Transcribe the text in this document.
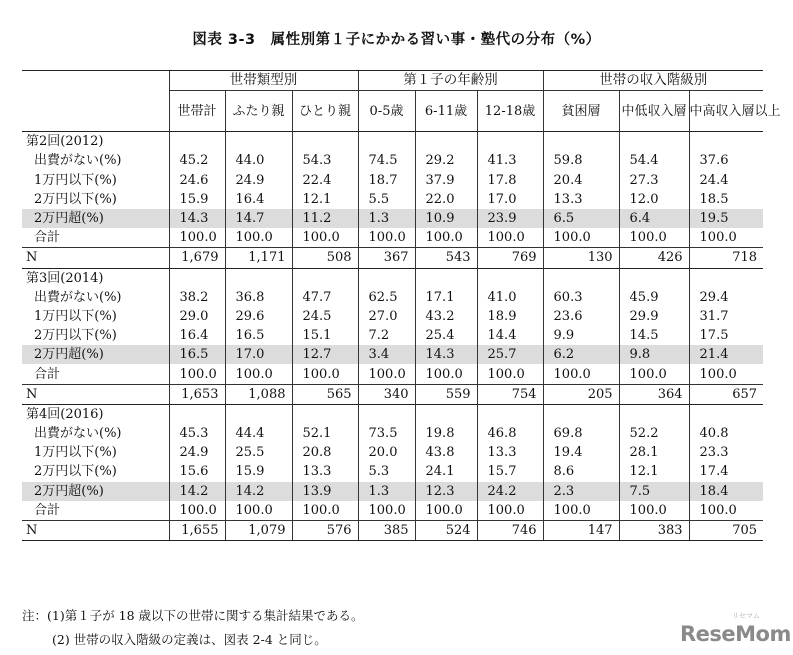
図表 3-3　属性別第１子にかかる習い事・塾代の分布（%）
	世帯類型別			第１子の年齢別			世帯の収入階級別		
	世帯計	ふたり親	ひとり親	0-5歳	6-11歳	12-18歳	貧困層	中低収入層	中高収入層以上
第2回(2012)									
出費がない(%)	45.2	44.0	54.3	74.5	29.2	41.3	59.8	54.4	37.6
1万円以下(%)	24.6	24.9	22.4	18.7	37.9	17.8	20.4	27.3	24.4
2万円以下(%)	15.9	16.4	12.1	5.5	22.0	17.0	13.3	12.0	18.5
2万円超(%)	14.3	14.7	11.2	1.3	10.9	23.9	6.5	6.4	19.5
合計	100.0	100.0	100.0	100.0	100.0	100.0	100.0	100.0	100.0
N	1,679	1,171	508	367	543	769	130	426	718
第3回(2014)									
出費がない(%)	38.2	36.8	47.7	62.5	17.1	41.0	60.3	45.9	29.4
1万円以下(%)	29.0	29.6	24.5	27.0	43.2	18.9	23.6	29.9	31.7
2万円以下(%)	16.4	16.5	15.1	7.2	25.4	14.4	9.9	14.5	17.5
2万円超(%)	16.5	17.0	12.7	3.4	14.3	25.7	6.2	9.8	21.4
合計	100.0	100.0	100.0	100.0	100.0	100.0	100.0	100.0	100.0
N	1,653	1,088	565	340	559	754	205	364	657
第4回(2016)									
出費がない(%)	45.3	44.4	52.1	73.5	19.8	46.8	69.8	52.2	40.8
1万円以下(%)	24.9	25.5	20.8	20.0	43.8	13.3	19.4	28.1	23.3
2万円以下(%)	15.6	15.9	13.3	5.3	24.1	15.7	8.6	12.1	17.4
2万円超(%)	14.2	14.2	13.9	1.3	12.3	24.2	2.3	7.5	18.4
合計	100.0	100.0	100.0	100.0	100.0	100.0	100.0	100.0	100.0
N	1,655	1,079	576	385	524	746	147	383	705
注：(1)第１子が 18 歳以下の世帯に関する集計結果である。
(2) 世帯の収入階級の定義は、図表 2-4 と同じ。
リセマム
ReseMom
